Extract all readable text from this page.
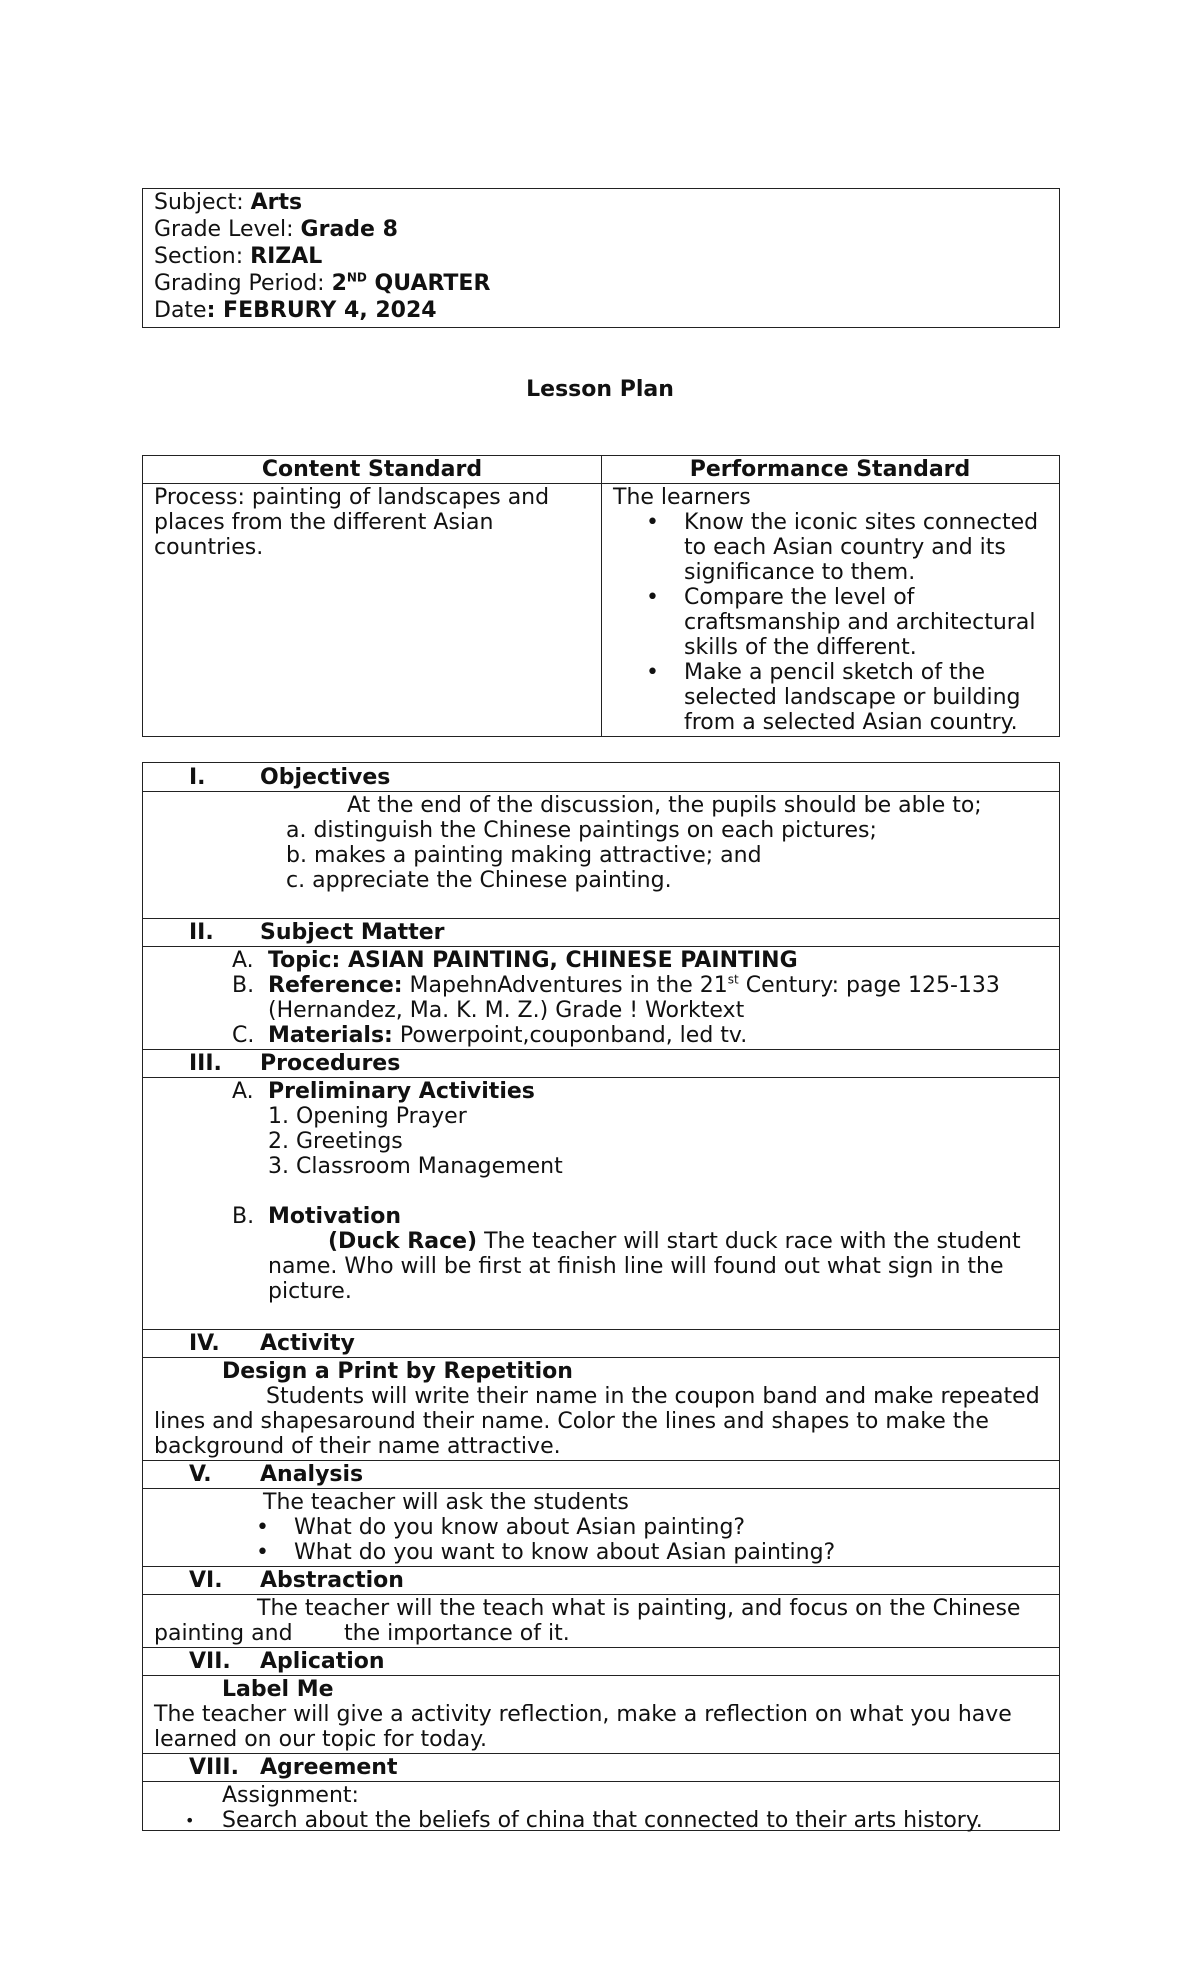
Subject: Arts
Grade Level: Grade 8
Section: RIZAL
Grading Period: 2ND QUARTER
Date: FEBRURY 4, 2024
Lesson Plan
Content Standard	Performance Standard
Process: painting of landscapes and places from the different Asian countries.
The learners
• Know the iconic sites connected to each Asian country and its significance to them.
• Compare the level of craftsmanship and architectural skills of the different.
• Make a pencil sketch of the selected landscape or building from a selected Asian country.
I. Objectives
At the end of the discussion, the pupils should be able to;
a. distinguish the Chinese paintings on each pictures;
b. makes a painting making attractive; and
c. appreciate the Chinese painting.
II. Subject Matter
A. Topic: ASIAN PAINTING, CHINESE PAINTING
B. Reference: MapehnAdventures in the 21st Century: page 125-133
(Hernandez, Ma. K. M. Z.) Grade ! Worktext
C. Materials: Powerpoint,couponband, led tv.
III. Procedures
A. Preliminary Activities
1. Opening Prayer
2. Greetings
3. Classroom Management
B. Motivation
(Duck Race) The teacher will start duck race with the student
name. Who will be first at finish line will found out what sign in the
picture.
IV. Activity
Design a Print by Repetition
Students will write their name in the coupon band and make repeated
lines and shapesaround their name. Color the lines and shapes to make the
background of their name attractive.
V. Analysis
The teacher will ask the students
• What do you know about Asian painting?
• What do you want to know about Asian painting?
VI. Abstraction
The teacher will the teach what is painting, and focus on the Chinese
painting and the importance of it.
VII. Aplication
Label Me
The teacher will give a activity reflection, make a reflection on what you have
learned on our topic for today.
VIII. Agreement
Assignment:
• Search about the beliefs of china that connected to their arts history.
